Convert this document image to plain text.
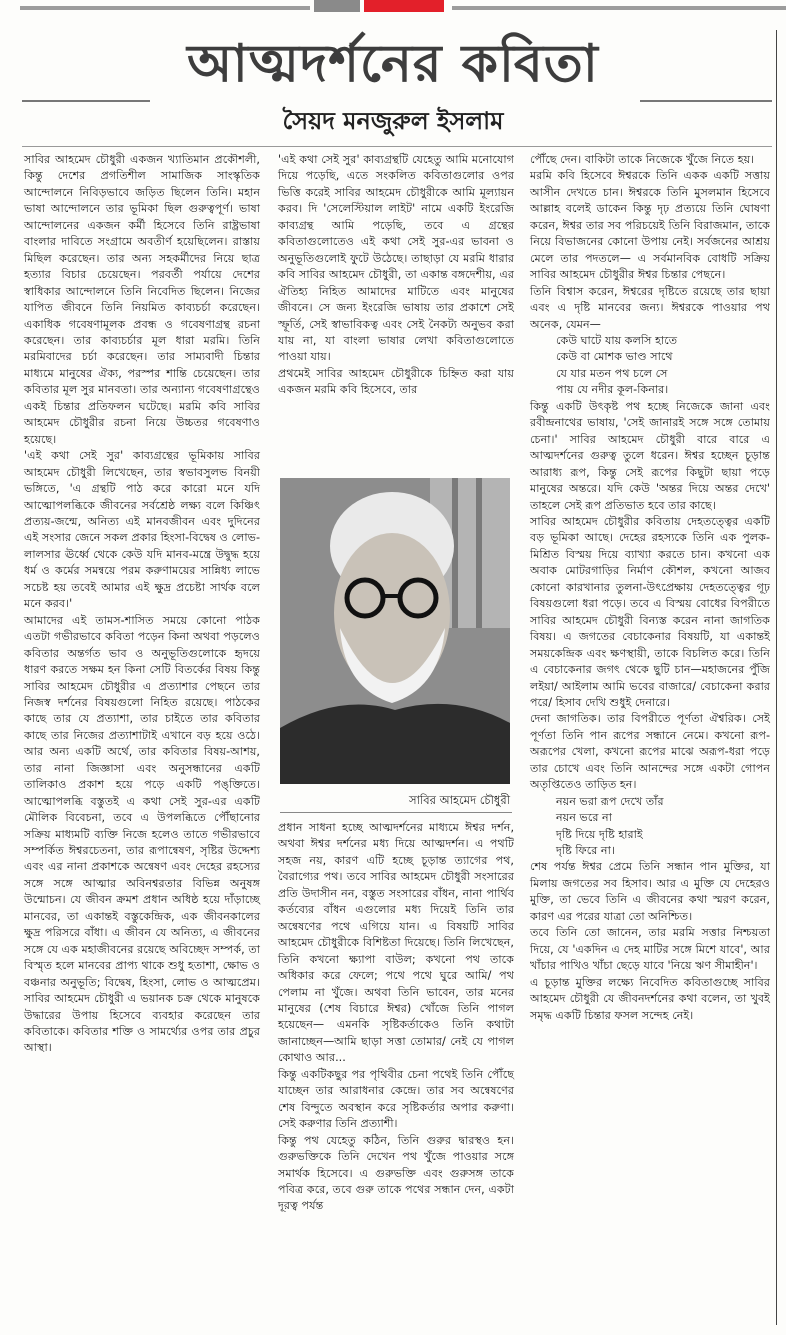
আত্মদর্শনের কবিতা
সৈয়দ মনজুরুল ইসলাম

সাবির আহমেদ চৌধুরী একজন খ্যাতিমান প্রকৌশলী, কিন্তু দেশের প্রগতিশীল সামাজিক সাংস্কৃতিক আন্দোলনে নিবিড়ভাবে জড়িত ছিলেন তিনি। মহান ভাষা আন্দোলনে তার ভূমিকা ছিল গুরুত্বপূর্ণ। ভাষা আন্দোলনের একজন কর্মী হিসেবে তিনি রাষ্ট্রভাষা বাংলার দাবিতে সংগ্রামে অবতীর্ণ হয়েছিলেন। রাস্তায় মিছিল করেছেন। তার অন্য সহকর্মীদের নিয়ে ছাত্র হত্যার বিচার চেয়েছেন। পরবর্তী পর্যায়ে দেশের স্বাধিকার আন্দোলনে তিনি নিবেদিত ছিলেন। নিজের যাপিত জীবনে তিনি নিয়মিত কাব্যচর্চা করেছেন। একাধিক গবেষণামূলক প্রবন্ধ ও গবেষণাগ্রন্থ রচনা করেছেন। তার কাব্যচর্চার মূল ধারা মরমি। তিনি মরমিবাদের চর্চা করেছেন। তার সাম্যবাদী চিন্তার মাধ্যমে মানুষের ঐক্য, পরস্পর শান্তি চেয়েছেন। তার কবিতার মূল সুর মানবতা। তার অন্যান্য গবেষণাগ্রন্থেও একই চিন্তার প্রতিফলন ঘটেছে। মরমি কবি সাবির আহমেদ চৌধুরীর রচনা নিয়ে উচ্চতর গবেষণাও হয়েছে।

'এই কথা সেই সুর' কাব্যগ্রন্থের ভূমিকায় সাবির আহমেদ চৌধুরী লিখেছেন, তার স্বভাবসুলভ বিনয়ী ভঙ্গিতে, 'এ গ্রন্থটি পাঠ করে কারো মনে যদি আত্মোপলব্ধিকে জীবনের সর্বশ্রেষ্ঠ লক্ষ্য বলে কিঞ্চিৎ প্রত্যয়-জন্মে, অনিত্য এই মানবজীবন এবং দুদিনের এই সংসার জেনে সকল প্রকার হিংসা-বিদ্বেষ ও লোভ-লালসার ঊর্ধ্বে থেকে কেউ যদি মানব-মন্ত্রে উদ্বুদ্ধ হয়ে ধর্ম ও কর্মের সমন্বয়ে পরম করুণাময়ের সান্নিধ্য লাভে সচেষ্ট হয় তবেই আমার এই ক্ষুদ্র প্রচেষ্টা সার্থক বলে মনে করব।'

আমাদের এই তামস-শাসিত সময়ে কোনো পাঠক এতটা গভীরভাবে কবিতা পড়েন কিনা অথবা পড়লেও কবিতার অন্তর্গত ভাব ও অনুভূতিগুলোকে হৃদয়ে ধারণ করতে সক্ষম হন কিনা সেটি বিতর্কের বিষয় কিন্তু সাবির আহমেদ চৌধুরীর এ প্রত্যাশার পেছনে তার নিজস্ব দর্শনের বিষয়গুলো নিহিত রয়েছে। পাঠকের কাছে তার যে প্রত্যাশা, তার চাইতে তার কবিতার কাছে তার নিজের প্রত্যাশাটাই এখানে বড় হয়ে ওঠে। আর অন্য একটি অর্থে, তার কবিতার বিষয়-আশয়, তার নানা জিজ্ঞাসা এবং অনুসন্ধানের একটি তালিকাও প্রকাশ হয়ে পড়ে একটি পঙ্‌ক্তিতে। আত্মোপলব্ধি বস্তুতই এ কথা সেই সুর-এর একটি মৌলিক বিবেচনা, তবে এ উপলব্ধিতে পৌঁছানোর সক্রিয় মাধ্যমটি ব্যক্তি নিজে হলেও তাতে গভীরভাবে সম্পর্কিত ঈশ্বরচেতনা, তার রূপান্বেষণ, সৃষ্টির উদ্দেশ্য এবং এর নানা প্রকাশকে অন্বেষণ এবং দেহের রহস্যের সঙ্গে সঙ্গে আত্মার অবিনশ্বরতার বিভিন্ন অনুষঙ্গ উন্মোচন। যে জীবন ক্রমশ প্রধান অধিষ্ঠ হয়ে দাঁড়াচ্ছে মানবের, তা একান্তই বস্তুকেন্দ্রিক, এক জীবনকালের ক্ষুদ্র পরিসরে বাঁধা। এ জীবন যে অনিত্য, এ জীবনের সঙ্গে যে এক মহাজীবনের রয়েছে অবিচ্ছেদ সম্পর্ক, তা বিস্মৃত হলে মানবের প্রাপ্য থাকে শুধু হতাশা, ক্ষোভ ও বঞ্চনার অনুভূতি; বিদ্বেষ, হিংসা, লোভ ও আত্মপ্রেম। সাবির আহমেদ চৌধুরী এ ভয়ানক চক্র থেকে মানুষকে উদ্ধারের উপায় হিসেবে ব্যবহার করেছেন তার কবিতাকে। কবিতার শক্তি ও সামর্থ্যের ওপর তার প্রচুর আস্থা।

'এই কথা সেই সুর' কাব্যগ্রন্থটি যেহেতু আমি মনোযোগ দিয়ে পড়েছি, এতে সংকলিত কবিতাগুলোর ওপর ভিত্তি করেই সাবির আহমেদ চৌধুরীকে আমি মূল্যায়ন করব। দি 'সেলেস্টিয়াল লাইট' নামে একটি ইংরেজি কাব্যগ্রন্থ আমি পড়েছি, তবে এ গ্রন্থের কবিতাগুলোতেও এই কথা সেই সুর-এর ভাবনা ও অনুভূতিগুলোই ফুটে উঠেছে। তাছাড়া যে মরমি ধারার কবি সাবির আহমেদ চৌধুরী, তা একান্ত বঙ্গদেশীয়, এর ঐতিহ্য নিহিত আমাদের মাটিতে এবং মানুষের জীবনে। সে জন্য ইংরেজি ভাষায় তার প্রকাশে সেই স্ফূর্তি, সেই স্বাভাবিকত্ব এবং সেই নৈকট্য অনুভব করা যায় না, যা বাংলা ভাষার লেখা কবিতাগুলোতে পাওয়া যায়।

প্রথমেই সাবির আহমেদ চৌধুরীকে চিহ্নিত করা যায় একজন মরমি কবি হিসেবে, তার

সাবির আহমেদ চৌধুরী

প্রধান সাধনা হচ্ছে আত্মদর্শনের মাধ্যমে ঈশ্বর দর্শন, অথবা ঈশ্বর দর্শনের মধ্য দিয়ে আত্মদর্শন। এ পথটি সহজ নয়, কারণ এটি হচ্ছে চূড়ান্ত ত্যাগের পথ, বৈরাগ্যের পথ। তবে সাবির আহমেদ চৌধুরী সংসারের প্রতি উদাসীন নন, বস্তুত সংসারের বাঁধন, নানা পার্থিব কর্তব্যের বাঁধন এগুলোর মধ্য দিয়েই তিনি তার অন্বেষণের পথে এগিয়ে যান। এ বিষয়টি সাবির আহমেদ চৌধুরীকে বিশিষ্টতা দিয়েছে। তিনি লিখেছেন, তিনি কখনো ক্ষ্যাপা বাউল; কখনো পথ তাকে অধিকার করে ফেলে; পথে পথে ঘুরে আমি/ পথ পেলাম না খুঁজে। অথবা তিনি ভাবেন, তার মনের মানুষের (শেষ বিচারে ঈশ্বর) খোঁজে তিনি পাগল হয়েছেন— এমনকি সৃষ্টিকর্তাকেও তিনি কথাটা জানাচ্ছেন—আমি ছাড়া সত্তা তোমার/ নেই যে পাগল কোথাও আর...

কিন্তু একটিকছুর পর পৃথিবীর চেনা পথেই তিনি পৌঁছে যাচ্ছেন তার আরাধনার কেন্দ্রে। তার সব অন্বেষণের শেষ বিন্দুতে অবস্থান করে সৃষ্টিকর্তার অপার করুণা। সেই করুণার তিনি প্রত্যাশী।

কিন্তু পথ যেহেতু কঠিন, তিনি গুরুর দ্বারস্থও হন। গুরুভক্তিকে তিনি দেখেন পথ খুঁজে পাওয়ার সঙ্গে সমার্থক হিসেবে। এ গুরুভক্তি এবং গুরুসঙ্গ তাকে পবিত্র করে, তবে গুরু তাকে পথের সন্ধান দেন, একটা দূরত্ব পর্যন্ত

পৌঁছে দেন। বাকিটা তাকে নিজেকে খুঁজে নিতে হয়।

মরমি কবি হিসেবে ঈশ্বরকে তিনি একক একটি সত্তায় আসীন দেখতে চান। ঈশ্বরকে তিনি মুসলমান হিসেবে আল্লাহ বলেই ডাকেন কিন্তু দৃঢ় প্রত্যয়ে তিনি ঘোষণা করেন, ঈশ্বর তার সব পরিচয়েই তিনি বিরাজমান, তাকে নিয়ে বিভাজনের কোনো উপায় নেই। সর্বজনের আশ্রয় মেলে তার পদতলে— এ সর্বমানবিক বোধটি সক্রিয় সাবির আহমেদ চৌধুরীর ঈশ্বর চিন্তার পেছনে।

তিনি বিশ্বাস করেন, ঈশ্বরের দৃষ্টিতে রয়েছে তার ছায়া এবং এ দৃষ্টি মানবের জন্য। ঈশ্বরকে পাওয়ার পথ অনেক, যেমন—

কেউ ঘাটে যায় কলসি হাতে

কেউ বা মোশক ভাণ্ড সাথে

যে যার মতন পথ চলে সে

পায় যে নদীর কূল-কিনার।

কিন্তু একটি উৎকৃষ্ট পথ হচ্ছে নিজেকে জানা এবং রবীন্দ্রনাথের ভাষায়, 'সেই জানারই সঙ্গে সঙ্গে তোমায় চেনা।' সাবির আহমেদ চৌধুরী বারে বারে এ আত্মদর্শনের গুরুত্ব তুলে ধরেন। ঈশ্বর হচ্ছেন চূড়ান্ত আরাধ্য রূপ, কিন্তু সেই রূপের কিছুটা ছায়া পড়ে মানুষের অন্তরে। যদি কেউ 'অন্তর দিয়ে অন্তর দেখে' তাহলে সেই রূপ প্রতিভাত হবে তার কাছে।

সাবির আহমেদ চৌধুরীর কবিতায় দেহতত্ত্বের একটি বড় ভূমিকা আছে। দেহের রহস্যকে তিনি এক পুলক-মিশ্রিত বিস্ময় দিয়ে ব্যাখ্যা করতে চান। কখনো এক অবাক মোটরগাড়ির নির্মাণ কৌশল, কখনো আজব কোনো কারখানার তুলনা-উৎপ্রেক্ষায় দেহতত্ত্বের গূঢ় বিষয়গুলো ধরা পড়ে। তবে এ বিস্ময় বোধের বিপরীতে সাবির আহমেদ চৌধুরী বিন্যস্ত করেন নানা জাগতিক বিষয়। এ জগতের বেচাকেনার বিষয়টি, যা একান্তই সময়কেন্দ্রিক এবং ক্ষণস্থায়ী, তাকে বিচলিত করে। তিনি এ বেচাকেনার জগৎ থেকে ছুটি চান—মহাজনের পুঁজি লইয়া/ আইলাম আমি ভবের বাজারে/ বেচাকেনা করার পরে/ হিসাব দেখি শুধুই দেনারে।

দেনা জাগতিক। তার বিপরীতে পূর্ণতা ঐশ্বরিক। সেই পূর্ণতা তিনি পান রূপের সন্ধানে নেমে। কখনো রূপ-অরূপের খেলা, কখনো রূপের মাঝে অরূপ-ধরা পড়ে তার চোখে এবং তিনি আনন্দের সঙ্গে একটা গোপন অতৃপ্তিতেও তাড়িত হন।

নয়ন ভরা রূপ দেখে তাঁর

নয়ন ভরে না

দৃষ্টি দিয়ে দৃষ্টি হারাই

দৃষ্টি ফিরে না।

শেষ পর্যন্ত ঈশ্বর প্রেমে তিনি সন্ধান পান মুক্তির, যা মিলায় জগতের সব হিসাব। আর এ মুক্তি যে দেহেরও মুক্তি, তা ভেবে তিনি এ জীবনের কথা স্মরণ করেন, কারণ এর পরের যাত্রা তো অনিশ্চিত।

তবে তিনি তো জানেন, তার মরমি সত্তার নিশ্চয়তা দিয়ে, যে 'একদিন এ দেহ মাটির সঙ্গে মিশে যাবে', আর খাঁচার পাখিও খাঁচা ছেড়ে যাবে 'নিয়ে ঋণ সীমাহীন'।

এ চূড়ান্ত মুক্তির লক্ষ্যে নিবেদিত কবিতাগুচ্ছে সাবির আহমেদ চৌধুরী যে জীবনদর্শনের কথা বলেন, তা খুবই সমৃদ্ধ একটি চিন্তার ফসল সন্দেহ নেই।
